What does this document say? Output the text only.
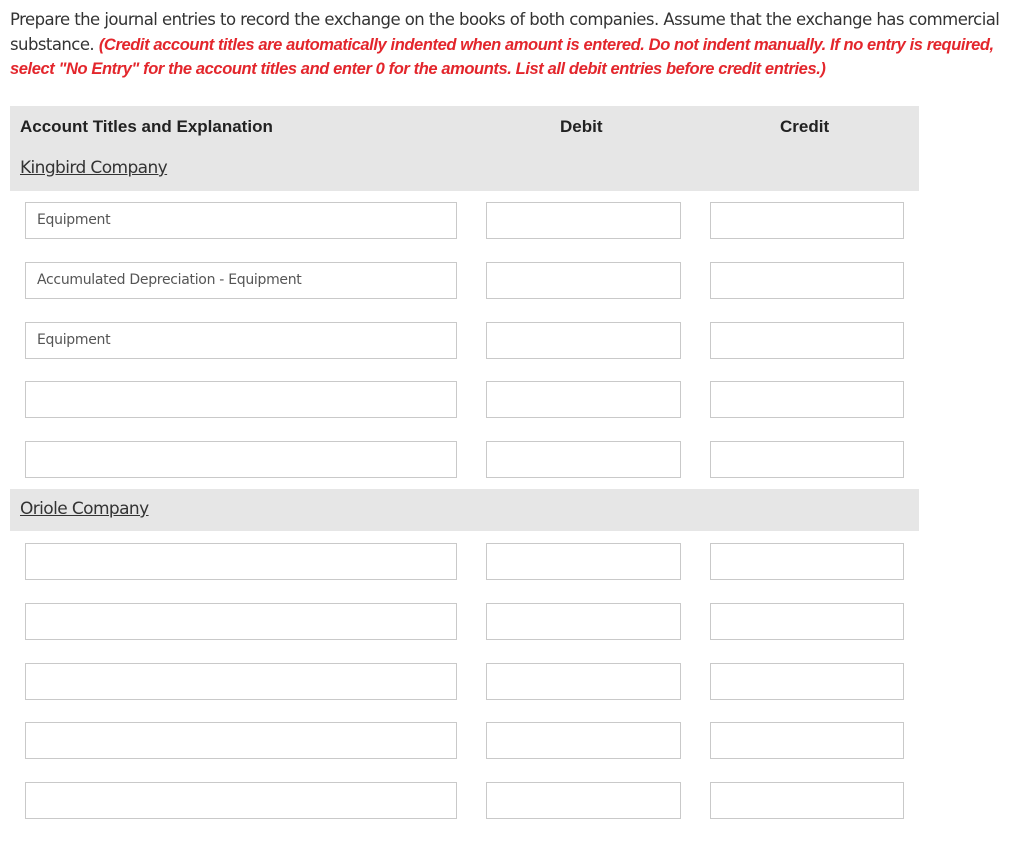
Prepare the journal entries to record the exchange on the books of both companies. Assume that the exchange has commercial substance. (Credit account titles are automatically indented when amount is entered. Do not indent manually. If no entry is required, select "No Entry" for the account titles and enter 0 for the amounts. List all debit entries before credit entries.)
Account Titles and Explanation	Debit	Credit
Kingbird Company
Equipment
Accumulated Depreciation - Equipment
Equipment
Oriole Company
